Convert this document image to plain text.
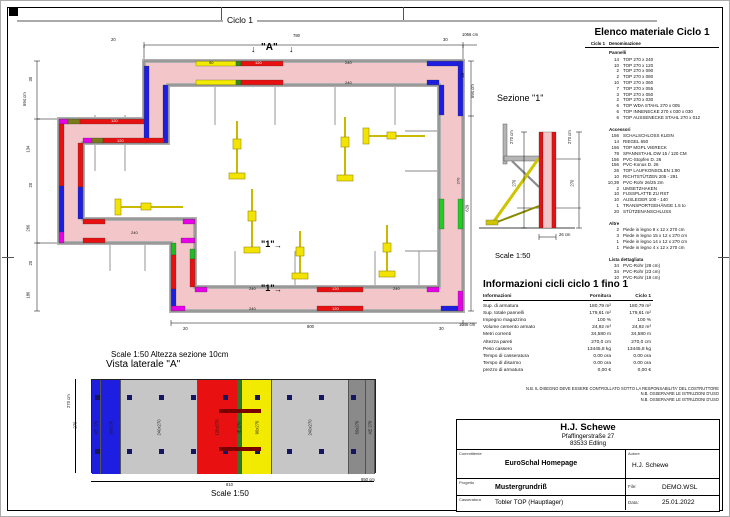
Ciclo 1
↓ "A" ↓
"1" →
"1" →
780
20	30
1066 cm
694 cm
30
134
20
266
20
186
694 cm
30
629
800
20	30
1046 cm
90	120	240
240
120
120
240
240	120	240
240	120
270
Scale 1:50 Altezza sezione 10cm
Vista laterale "A"
AE 270 60x270	240x270	120x270	IE 270	90x270	240x270	50x270 AE 270
270 cm
270
810
850 cm
Scale 1:50
Sezione "1"
270 cm
270
270 cm
270
26 cm
Scale 1:50
Elenco materiale Ciclo 1
Ciclo 1 Denominazione
Pannelli
14 TOP 270 x 240
10 TOP 270 x 120
2 TOP 270 x 090
2 TOP 270 x 080
10 TOP 270 x 060
7 TOP 270 x 055
3 TOP 270 x 050
2 TOP 270 x 030
6 TOP WDA STAHL 270 x 005
6 TOP INNENECKE 270 x 030 x 030
6 TOP AUSSENECKE STAHL 270 x 012
Accessori
156 SCHALSCHLOSS KLEIN
14 RIEGEL 650
156 TOP MGPL VIERECK
78 SPANNSTAHL DW 15 / 120 CM
156 PVC-Stopfen D. 26
156 PVC-Konus D. 26
26 TOP LAUFKONSOLEN 1:90
10 RICHTSTÜTZEN 205 - 291
10,39 PVC-Rohr 26/25 2m
2 UMSETZHAKEN
10 FUSSPLATTE ZU RST
10 AUSLEGER 100 - 140
1 TRANSPORTGEHÄNGE 1.5 to
20 STÜTZENANSCHLUSS
Altre
2 Piede in legno 9 x 12 x 270 cm
3 Piede in legno 15 x 12 x 270 cm
1 Piede in legno 14 x 12 x 270 cm
1 Piede in legno 4 x 12 x 270 cm
Lista dettagliata
34 PVC-Rohr (28 cm)
34 PVC-Rohr (23 cm)
10 PVC-Rohr (18 cm)
Informazioni cicli ciclo 1 fino 1
Informazioni	Fornitura	Ciclo 1
Sup. di armatura	180,79 m²	180,79 m²
Sup. totale pannelli	179,61 m²	179,61 m²
Impegno magazzino	100 %	100 %
Volume cemento armato	24,92 m³	24,92 m³
Metri correnti	34,580 m	34,580 m
Altezza pareti	270,0 cm	270,0 cm
Peso cassero	13445,8 kg	13445,8 kg
Tempo di casseratura	0.00 ora	0.00 ora
Tempo di disarmo	0.00 ora	0.00 ora
prezzo di armatura	0,00 €	0,00 €
N.B. IL DISEGNO DEVE ESSERE CONTROLLATO SOTTO LA RESPONSABILITA' DEL COSTRUTTORE
N.B. OSSERVARE LE ISTRUZIONI D'USO
N.B. OSSERVARE LE ISTRUZIONI D'USO
H.J. Schewe
Pfaffingerstraße 27
83533 Edling
Committente
EuroSchal Homepage
Autore
H.J. Schewe
Progetto
Mustergrundriß	File:	DEMO.WSL
Casseratura Tobler TOP (Hauptlager)	Data:	25.01.2022
